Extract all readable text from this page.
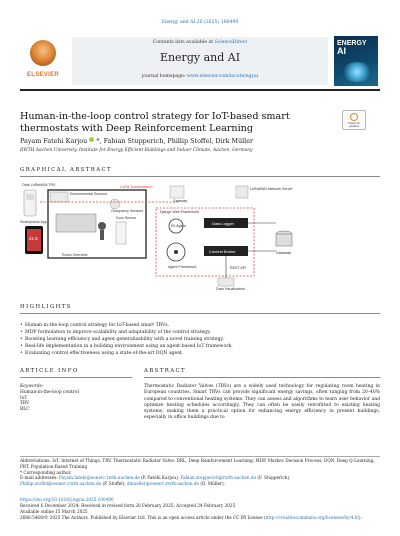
Energy and AI 20 (2025) 100490
ELSEVIER
Contents lists available at ScienceDirect
Energy and AI
journal homepage: www.elsevier.com/locate/egyai
ENERGY
AI
Human-in-the-loop control strategy for IoT-based smart thermostats with Deep Reinforcement Learning	Check for updates
Payam Fatehi Karjou  *, Fabian Stupperich, Phillip Stoffel, Dirk Müller
RWTH Aachen University, Institute for Energy Efficient Buildings and Indoor Climate, Aachen, Germany
GRAPHICAL ABSTRACT
Oats LoRaWAN TRV
21.5
Smartphone App
Environmental Sensors
Occupancy Sensors
Door Sensor
Room Overview
LoRa Transmission
Gateway
LoRaWAN Network Server
Django Web Framework
Data Logger
RL Agent
Agent Framework
Context Broker	Database
REST API
Data Visualization
HIGHLIGHTS
• Human-in-the-loop control strategy for IoT-based smart TRVs.
• MDP formulation to improve scalability and adaptability of the control strategy.
• Boosting learning efficiency and agent generalizability with a novel training strategy.
• Real-life implementation in a building environment using an agent-based IoT framework.
• Evaluating control effectiveness using a state-of-the-art DQN agent.
ARTICLE INFO	ABSTRACT
Keywords:
Human-in-the-loop control
IoT
TRV
RLC
Thermostatic Radiator Valves (TRVs) are a widely used technology for regulating room heating in European countries. Smart TRVs can provide significant energy savings, often ranging from 20–40% compared to conventional heating systems. They can assess and algorithms to learn user behavior and optimize heating schedules accordingly. They can often be easily retrofitted to existing heating systems, making them a practical option for enhancing energy efficiency in present buildings, especially in office buildings due to
Abbreviations: IoT, Internet of Things; TRV, Thermostatic Radiator Valve; DRL, Deep Reinforcement Learning; MDP, Markov Decision Process; DQN, Deep Q-Learning; PBT, Population-Based Training
* Corresponding author.
E-mail addresses: Payam.fatehi@eonerc.rwth-aachen.de (P. Fatehi Karjou), Fabian.stupperich@rwth-aachen.de (F. Stupperich),
Phillip.stoffel@eonerc.rwth-aachen.de (P. Stoffel), dmueller@eonerc.rwth-aachen.de (D. Müller).
https://doi.org/10.1016/j.egyai.2025.100490
Received 6 December 2024; Received in revised form 20 February 2025; Accepted 24 February 2025
Available online 15 March 2025
2666-5468/© 2025 The Authors. Published by Elsevier Ltd. This is an open access article under the CC BY license (http://creativecommons.org/licenses/by/4.0/).
